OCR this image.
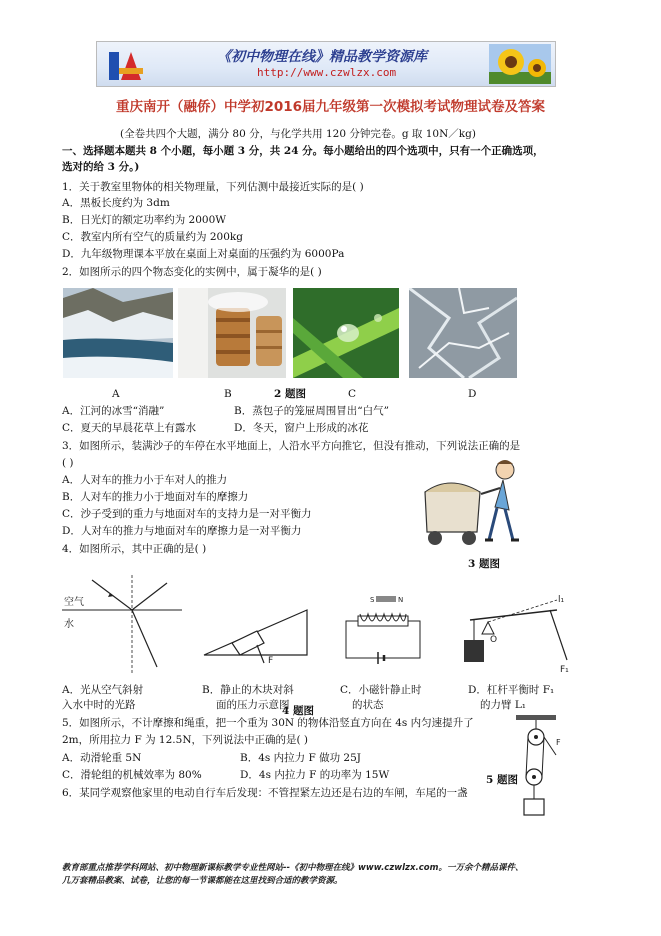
《初中物理在线》精品教学资源库
http://www.czwlzx.com
重庆南开（融侨）中学初2016届九年级第一次模拟考试物理试卷及答案
(全卷共四个大题，满分 80 分，与化学共用 120 分钟完卷。g 取 10N／kg)
一、选择题本题共 8 个小题，每小题 3 分，共 24 分。每小题给出的四个选项中，只有一个正确选项，
选对的给 3 分。)
1．关于教室里物体的相关物理量，下列估测中最接近实际的是( )
A．黑板长度约为 3dm
B．日光灯的额定功率约为 2000W
C．教室内所有空气的质量约为 200kg
D．九年级物理课本平放在桌面上对桌面的压强约为 6000Pa
2．如图所示的四个物态变化的实例中，属于凝华的是( )
A	B	2 题图	C	D
A．江河的冰雪“消融”	B．蒸包子的笼屉周围冒出“白气”
C．夏天的早晨花草上有露水	D．冬天，窗户上形成的冰花
3．如图所示，装满沙子的车停在水平地面上，人沿水平方向推它，但没有推动，下列说法正确的是
( )
A．人对车的推力小于车对人的推力
B．人对车的推力小于地面对车的摩擦力
C．沙子受到的重力与地面对车的支持力是一对平衡力
D．人对车的推力与地面对车的摩擦力是一对平衡力
3 题图
4．如图所示，其中正确的是( )
空气
水
F
S	N
O
l₁
F₁
A．光从空气斜射
入水中时的光路
B．静止的木块对斜
面的压力示意图
4 题图
C．小磁针静止时
的状态
D．杠杆平衡时 F₁
的力臂 L₁
5．如图所示，不计摩擦和绳重，把一个重为 30N 的物体沿竖直方向在 4s 内匀速提升了
2m，所用拉力 F 为 12.5N，下列说法中正确的是( )
A．动滑轮重 5N	B．4s 内拉力 F 做功 25J
C．滑轮组的机械效率为 80%	D．4s 内拉力 F 的功率为 15W	5 题图
F
6．某同学观察他家里的电动自行车后发现：不管捏紧左边还是右边的车闸，车尾的一盏
教育部重点推荐学科网站、初中物理新课标教学专业性网站--《初中物理在线》www.czwlzx.com。一万余个精品课件、
几万套精品教案、试卷，让您的每一节课都能在这里找到合适的教学资源。
